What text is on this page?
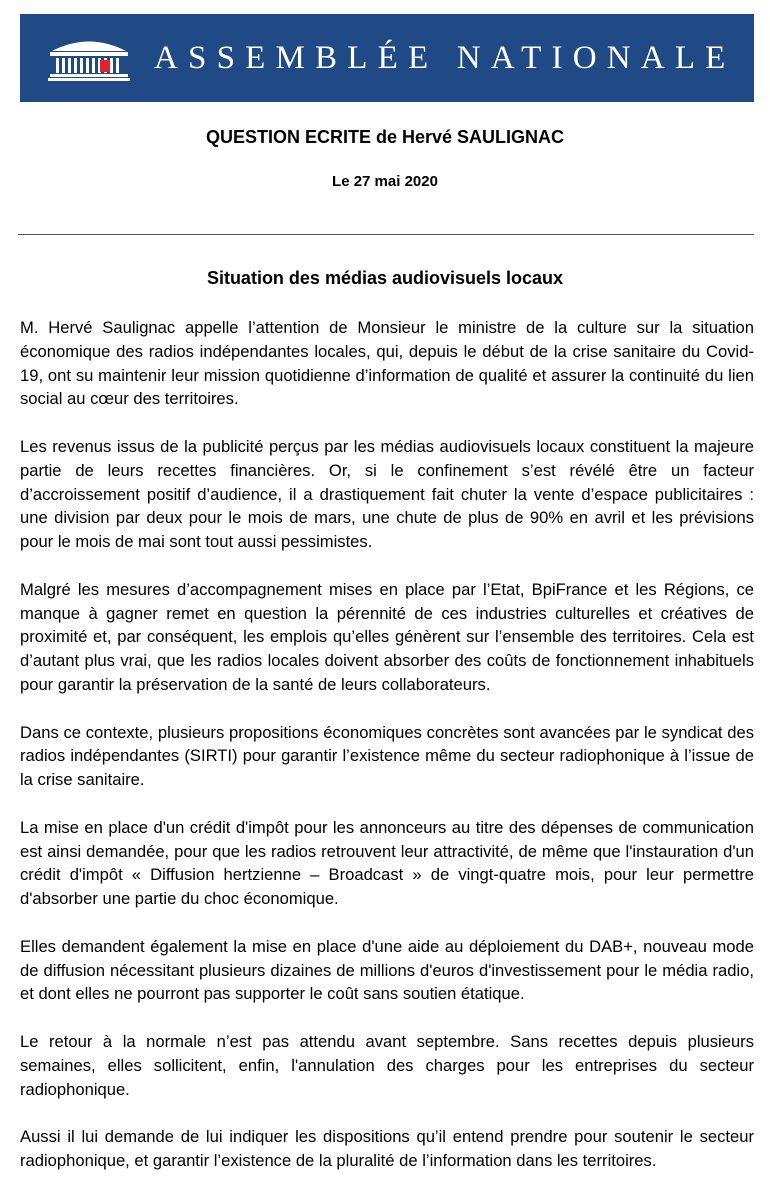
ASSEMBLÉE NATIONALE
QUESTION ECRITE de Hervé SAULIGNAC
Le 27 mai 2020
Situation des médias audiovisuels locaux

M. Hervé Saulignac appelle l’attention de Monsieur le ministre de la culture sur la situation économique des radios indépendantes locales, qui, depuis le début de la crise sanitaire du Covid-19, ont su maintenir leur mission quotidienne d’information de qualité et assurer la continuité du lien social au cœur des territoires.

Les revenus issus de la publicité perçus par les médias audiovisuels locaux constituent la majeure partie de leurs recettes financières. Or, si le confinement s’est révélé être un facteur d’accroissement positif d’audience, il a drastiquement fait chuter la vente d’espace publicitaires : une division par deux pour le mois de mars, une chute de plus de 90% en avril et les prévisions pour le mois de mai sont tout aussi pessimistes.

Malgré les mesures d’accompagnement mises en place par l’Etat, BpiFrance et les Régions, ce manque à gagner remet en question la pérennité de ces industries culturelles et créatives de proximité et, par conséquent, les emplois qu’elles génèrent sur l’ensemble des territoires. Cela est d’autant plus vrai, que les radios locales doivent absorber des coûts de fonctionnement inhabituels pour garantir la préservation de la santé de leurs collaborateurs.

Dans ce contexte, plusieurs propositions économiques concrètes sont avancées par le syndicat des radios indépendantes (SIRTI) pour garantir l’existence même du secteur radiophonique à l’issue de la crise sanitaire.

La mise en place d'un crédit d'impôt pour les annonceurs au titre des dépenses de communication est ainsi demandée, pour que les radios retrouvent leur attractivité, de même que l'instauration d'un crédit d'impôt « Diffusion hertzienne – Broadcast » de vingt-quatre mois, pour leur permettre d'absorber une partie du choc économique.

Elles demandent également la mise en place d'une aide au déploiement du DAB+, nouveau mode de diffusion nécessitant plusieurs dizaines de millions d'euros d'investissement pour le média radio, et dont elles ne pourront pas supporter le coût sans soutien étatique.

Le retour à la normale n’est pas attendu avant septembre. Sans recettes depuis plusieurs semaines, elles sollicitent, enfin, l'annulation des charges pour les entreprises du secteur radiophonique.

Aussi il lui demande de lui indiquer les dispositions qu’il entend prendre pour soutenir le secteur radiophonique, et garantir l’existence de la pluralité de l’information dans les territoires.
